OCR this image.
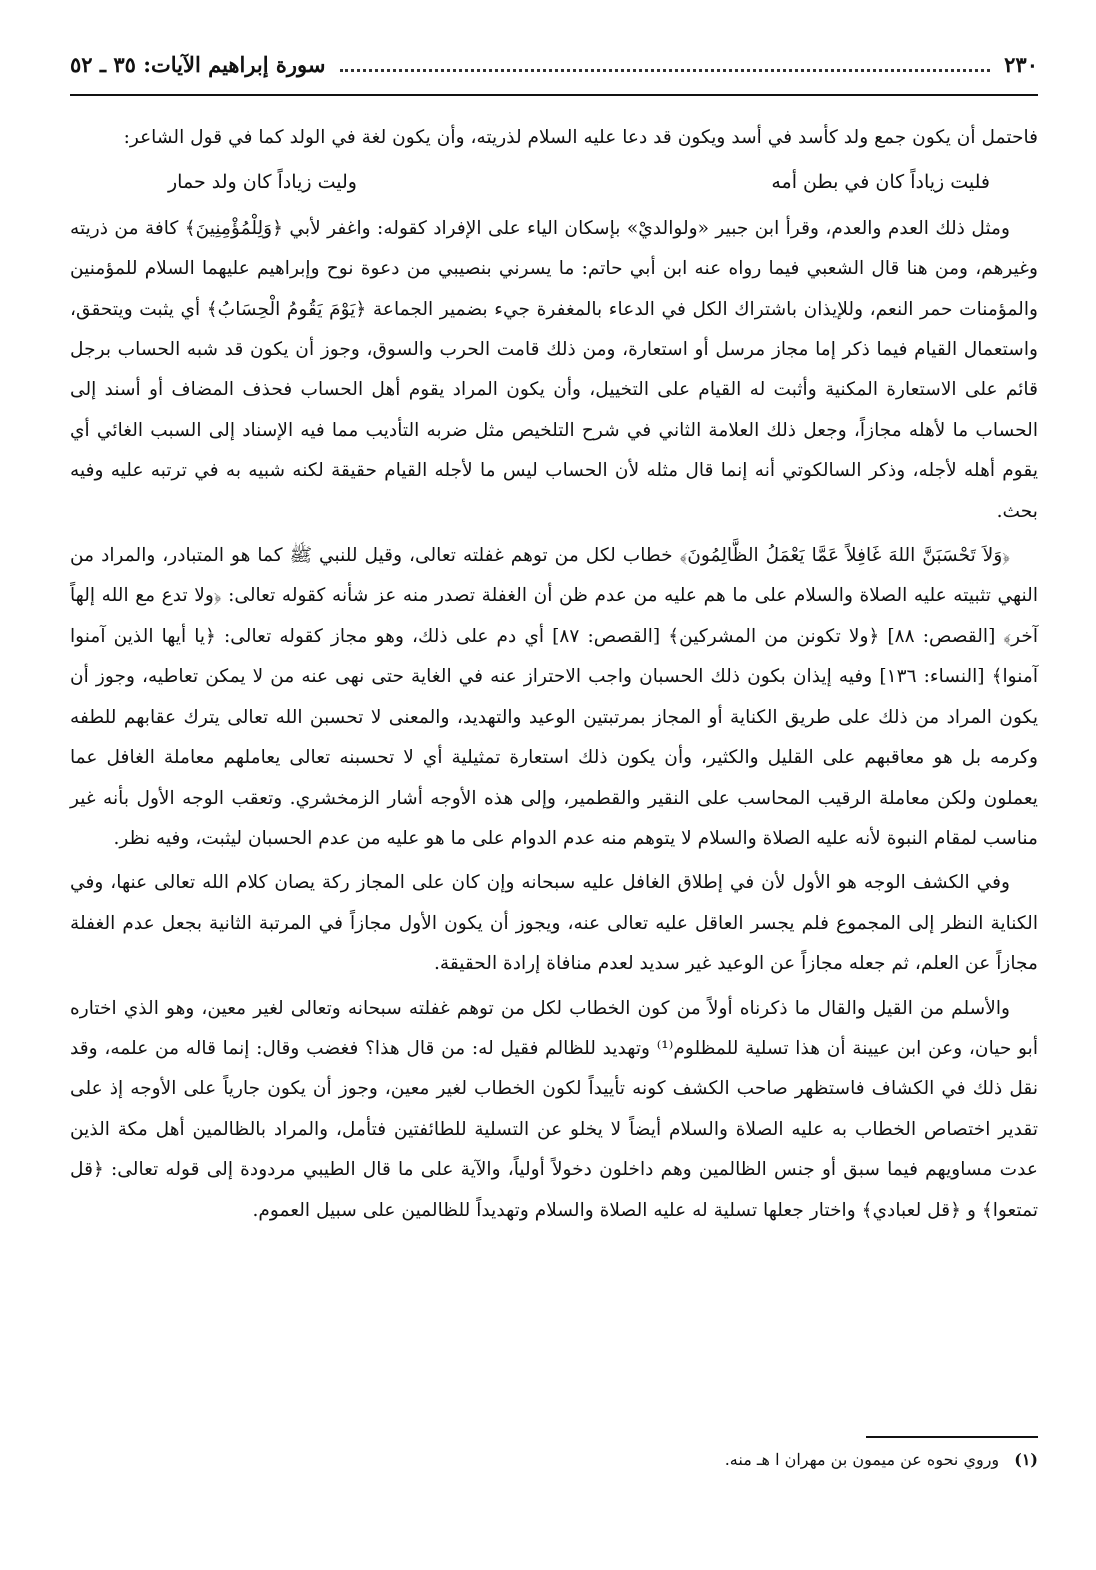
٢٣٠
سورة إبراهيم الآيات: ٣٥ ـ ٥٢

فاحتمل أن يكون جمع ولد كأسد في أسد ويكون قد دعا عليه السلام لذريته، وأن يكون لغة في الولد كما في قول الشاعر:

فليت زياداً كان في بطن أمه
وليت زياداً كان ولد حمار

ومثل ذلك العدم والعدم، وقرأ ابن جبير «ولوالديْ» بإسكان الياء على الإفراد كقوله: واغفر لأبي ﴿وَلِلْمُؤْمِنِينَ﴾ كافة من ذريته وغيرهم، ومن هنا قال الشعبي فيما رواه عنه ابن أبي حاتم: ما يسرني بنصيبي من دعوة نوح وإبراهيم عليهما السلام للمؤمنين والمؤمنات حمر النعم، وللإيذان باشتراك الكل في الدعاء بالمغفرة جيء بضمير الجماعة ﴿يَوْمَ يَقُومُ الْحِسَابُ﴾ أي يثبت ويتحقق، واستعمال القيام فيما ذكر إما مجاز مرسل أو استعارة، ومن ذلك قامت الحرب والسوق، وجوز أن يكون قد شبه الحساب برجل قائم على الاستعارة المكنية وأثبت له القيام على التخييل، وأن يكون المراد يقوم أهل الحساب فحذف المضاف أو أسند إلى الحساب ما لأهله مجازاً، وجعل ذلك العلامة الثاني في شرح التلخيص مثل ضربه التأديب مما فيه الإسناد إلى السبب الغائي أي يقوم أهله لأجله، وذكر السالكوتي أنه إنما قال مثله لأن الحساب ليس ما لأجله القيام حقيقة لكنه شبيه به في ترتبه عليه وفيه بحث.

﴿وَلاَ تَحْسَبَنَّ اللهَ غَافِلاً عَمَّا يَعْمَلُ الظَّالِمُونَ﴾ خطاب لكل من توهم غفلته تعالى، وقيل للنبي ﷺ كما هو المتبادر، والمراد من النهي تثبيته عليه الصلاة والسلام على ما هم عليه من عدم ظن أن الغفلة تصدر منه عز شأنه كقوله تعالى: ﴿ولا تدع مع الله إلهاً آخر﴾ [القصص: ٨٨] ﴿ولا تكونن من المشركين﴾ [القصص: ٨٧] أي دم على ذلك، وهو مجاز كقوله تعالى: ﴿يا أيها الذين آمنوا آمنوا﴾ [النساء: ١٣٦] وفيه إيذان بكون ذلك الحسبان واجب الاحتراز عنه في الغاية حتى نهى عنه من لا يمكن تعاطيه، وجوز أن يكون المراد من ذلك على طريق الكناية أو المجاز بمرتبتين الوعيد والتهديد، والمعنى لا تحسبن الله تعالى يترك عقابهم للطفه وكرمه بل هو معاقبهم على القليل والكثير، وأن يكون ذلك استعارة تمثيلية أي لا تحسبنه تعالى يعاملهم معاملة الغافل عما يعملون ولكن معاملة الرقيب المحاسب على النقير والقطمير، وإلى هذه الأوجه أشار الزمخشري. وتعقب الوجه الأول بأنه غير مناسب لمقام النبوة لأنه عليه الصلاة والسلام لا يتوهم منه عدم الدوام على ما هو عليه من عدم الحسبان ليثبت، وفيه نظر.

وفي الكشف الوجه هو الأول لأن في إطلاق الغافل عليه سبحانه وإن كان على المجاز ركة يصان كلام الله تعالى عنها، وفي الكناية النظر إلى المجموع فلم يجسر العاقل عليه تعالى عنه، ويجوز أن يكون الأول مجازاً في المرتبة الثانية بجعل عدم الغفلة مجازاً عن العلم، ثم جعله مجازاً عن الوعيد غير سديد لعدم منافاة إرادة الحقيقة.

والأسلم من القيل والقال ما ذكرناه أولاً من كون الخطاب لكل من توهم غفلته سبحانه وتعالى لغير معين، وهو الذي اختاره أبو حيان، وعن ابن عيينة أن هذا تسلية للمظلوم⁽¹⁾ وتهديد للظالم فقيل له: من قال هذا؟ فغضب وقال: إنما قاله من علمه، وقد نقل ذلك في الكشاف فاستظهر صاحب الكشف كونه تأييداً لكون الخطاب لغير معين، وجوز أن يكون جارياً على الأوجه إذ على تقدير اختصاص الخطاب به عليه الصلاة والسلام أيضاً لا يخلو عن التسلية للطائفتين فتأمل، والمراد بالظالمين أهل مكة الذين عدت مساويهم فيما سبق أو جنس الظالمين وهم داخلون دخولاً أولياً، والآية على ما قال الطيبي مردودة إلى قوله تعالى: ﴿قل تمتعوا﴾ و ﴿قل لعبادي﴾ واختار جعلها تسلية له عليه الصلاة والسلام وتهديداً للظالمين على سبيل العموم.

(١) وروي نحوه عن ميمون بن مهران ا هـ منه.
